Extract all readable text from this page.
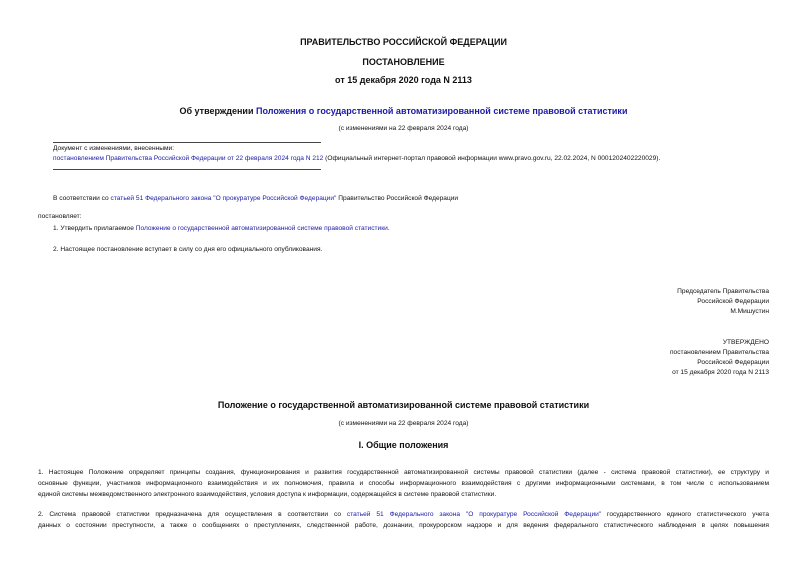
ПРАВИТЕЛЬСТВО РОССИЙСКОЙ ФЕДЕРАЦИИ
ПОСТАНОВЛЕНИЕ
от 15 декабря 2020 года N 2113
Об утверждении Положения о государственной автоматизированной системе правовой статистики
(с изменениями на 22 февраля 2024 года)
Документ с изменениями, внесенными:
постановлением Правительства Российской Федерации от 22 февраля 2024 года N 212 (Официальный интернет-портал правовой информации www.pravo.gov.ru, 22.02.2024, N 0001202402220029).
В соответствии со статьей 51 Федерального закона "О прокуратуре Российской Федерации" Правительство Российской Федерации
постановляет:
1. Утвердить прилагаемое Положение о государственной автоматизированной системе правовой статистики.
2. Настоящее постановление вступает в силу со дня его официального опубликования.
Председатель Правительства
Российской Федерации
М.Мишустин
УТВЕРЖДЕНО
постановлением Правительства
Российской Федерации
от 15 декабря 2020 года N 2113
Положение о государственной автоматизированной системе правовой статистики
(с изменениями на 22 февраля 2024 года)
I. Общие положения
1. Настоящее Положение определяет принципы создания, функционирования и развития государственной автоматизированной системы правовой статистики (далее - система правовой статистики), ее структуру и
основные функции, участников информационного взаимодействия и их полномочия, правила и способы информационного взаимодействия с другими информационными системами, в том числе с использованием
единой системы межведомственного электронного взаимодействия, условия доступа к информации, содержащейся в системе правовой статистики.
2. Система правовой статистики предназначена для осуществления в соответствии со статьей 51 Федерального закона "О прокуратуре Российской Федерации" государственного единого статистического учета
данных о состоянии преступности, а также о сообщениях о преступлениях, следственной работе, дознании, прокурорском надзоре и для ведения федерального статистического наблюдения в целях повышения
